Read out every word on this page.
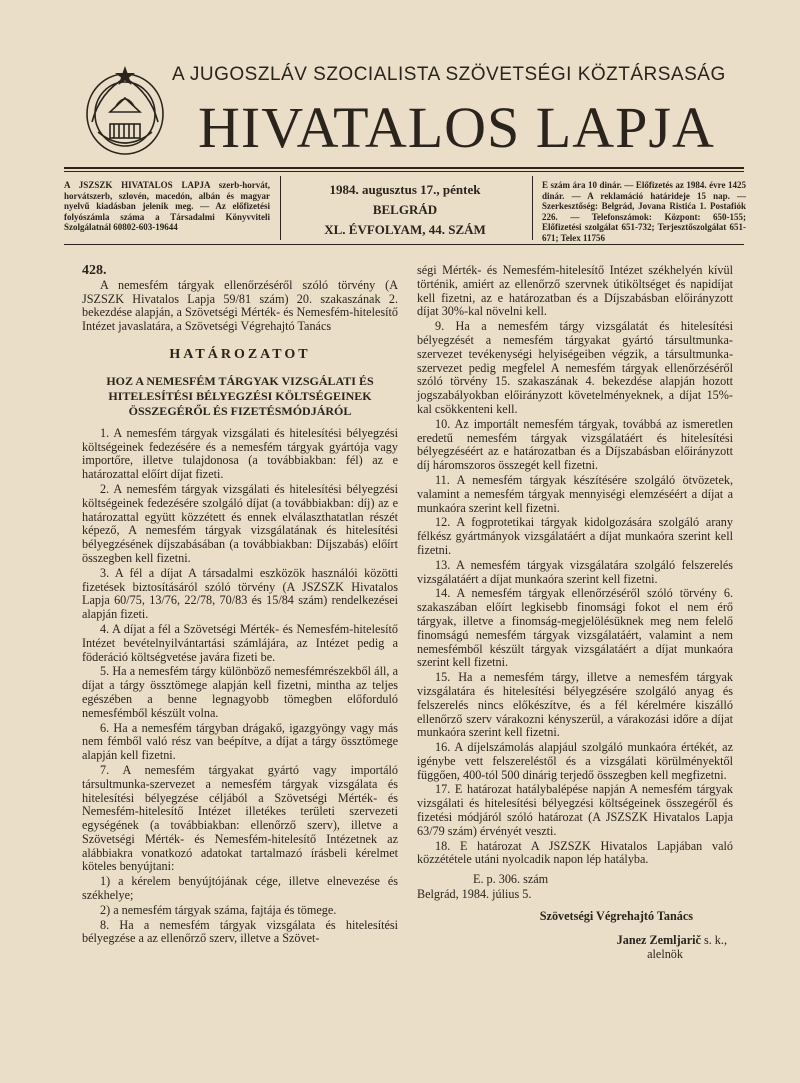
A JUGOSZLÁV SZOCIALISTA SZÖVETSÉGI KÖZTÁRSASÁG
HIVATALOS LAPJA
A JSZSZK HIVATALOS LAPJA szerb-horvát, horvátszerb, szlovén, macedón, albán és magyar nyelvű kiadásban jelenik meg. — Az előfizetési folyószámla száma a Társadalmi Könyvviteli Szolgálatnál 60802-603-19644
1984. augusztus 17., péntek
BELGRÁD
XL. ÉVFOLYAM, 44. SZÁM
E szám ára 10 dinár. — Előfizetés az 1984. évre 1425 dinár. — A reklamáció határideje 15 nap. — Szerkesztőség: Belgrád, Jovana Ristića 1. Postafiók 226. — Telefonszámok: Központ: 650-155; Előfizetési szolgálat 651-732; Terjesztőszolgálat 651-671; Telex 11756

428.

A nemesfém tárgyak ellenőrzéséről szóló törvény (A JSZSZK Hivatalos Lapja 59/81 szám) 20. szakaszának 2. bekezdése alapján, a Szövetségi Mérték- és Nemesfém-hitelesítő Intézet javaslatára, a Szövetségi Végrehajtó Tanács

HATÁROZATOT

HOZ A NEMESFÉM TÁRGYAK VIZSGÁLATI ÉS HITELESÍTÉSI BÉLYEGZÉSI KÖLTSÉGEINEK ÖSSZEGÉRŐL ÉS FIZETÉSMÓDJÁRÓL

1. A nemesfém tárgyak vizsgálati és hitelesítési bélyegzési költségeinek fedezésére és a nemesfém tárgyak gyártója vagy importőre, illetve tulajdonosa (a továbbiakban: fél) az e határozattal előírt díjat fizeti.

2. A nemesfém tárgyak vizsgálati és hitelesítési bélyegzési költségeinek fedezésére szolgáló díjat (a továbbiakban: díj) az e határozattal együtt közzétett és ennek elválaszthatatlan részét képező, A nemesfém tárgyak vizsgálatának és hitelesítési bélyegzésének díjszabásában (a továbbiakban: Díjszabás) előírt összegben kell fizetni.

3. A fél a díjat A társadalmi eszközök használói közötti fizetések biztosításáról szóló törvény (A JSZSZK Hivatalos Lapja 60/75, 13/76, 22/78, 70/83 és 15/84 szám) rendelkezései alapján fizeti.

4. A díjat a fél a Szövetségi Mérték- és Nemesfém-hitelesítő Intézet bevételnyilvántartási számlájára, az Intézet pedig a föderáció költségvetése javára fizeti be.

5. Ha a nemesfém tárgy különböző nemesfémrészekből áll, a díjat a tárgy össztömege alapján kell fizetni, mintha az teljes egészében a benne legnagyobb tömegben előforduló nemesfémből készült volna.

6. Ha a nemesfém tárgyban drágakő, igazgyöngy vagy más nem fémből való rész van beépítve, a díjat a tárgy össztömege alapján kell fizetni.

7. A nemesfém tárgyakat gyártó vagy importáló társultmunka-szervezet a nemesfém tárgyak vizsgálata és hitelesítési bélyegzése céljából a Szövetségi Mérték- és Nemesfém-hitelesítő Intézet illetékes területi szervezeti egységének (a továbbiakban: ellenőrző szerv), illetve a Szövetségi Mérték- és Nemesfém-hitelesítő Intézetnek az alábbiakra vonatkozó adatokat tartalmazó írásbeli kérelmet köteles benyújtani:

1) a kérelem benyújtójának cége, illetve elnevezése és székhelye;

2) a nemesfém tárgyak száma, fajtája és tömege.

8. Ha a nemesfém tárgyak vizsgálata és hitelesítési bélyegzése a az ellenőrző szerv, illetve a Szövet-

ségi Mérték- és Nemesfém-hitelesítő Intézet székhelyén kívül történik, amiért az ellenőrző szervnek útiköltséget és napidíjat kell fizetni, az e határozatban és a Díjszabásban előirányzott díjat 30%-kal növelni kell.

9. Ha a nemesfém tárgy vizsgálatát és hitelesítési bélyegzését a nemesfém tárgyakat gyártó társultmunka-szervezet tevékenységi helyiségeiben végzik, a társultmunka-szervezet pedig megfelel A nemesfém tárgyak ellenőrzéséről szóló törvény 15. szakaszának 4. bekezdése alapján hozott jogszabályokban előirányzott követelményeknek, a díjat 15%-kal csökkenteni kell.

10. Az importált nemesfém tárgyak, továbbá az ismeretlen eredetű nemesfém tárgyak vizsgálatáért és hitelesítési bélyegzéséért az e határozatban és a Díjszabásban előirányzott díj háromszoros összegét kell fizetni.

11. A nemesfém tárgyak készítésére szolgáló ötvözetek, valamint a nemesfém tárgyak mennyiségi elemzéséért a díjat a munkaóra szerint kell fizetni.

12. A fogprotetikai tárgyak kidolgozására szolgáló arany félkész gyártmányok vizsgálatáért a díjat munkaóra szerint kell fizetni.

13. A nemesfém tárgyak vizsgálatára szolgáló felszerelés vizsgálatáért a díjat munkaóra szerint kell fizetni.

14. A nemesfém tárgyak ellenőrzéséről szóló törvény 6. szakaszában előírt legkisebb finomsági fokot el nem érő tárgyak, illetve a finomság-megjelölésüknek meg nem felelő finomságú nemesfém tárgyak vizsgálatáért, valamint a nem nemesfémből készült tárgyak vizsgálatáért a díjat munkaóra szerint kell fizetni.

15. Ha a nemesfém tárgy, illetve a nemesfém tárgyak vizsgálatára és hitelesítési bélyegzésére szolgáló anyag és felszerelés nincs előkészítve, és a fél kérelmére kiszálló ellenőrző szerv várakozni kényszerül, a várakozási időre a díjat munkaóra szerint kell fizetni.

16. A díjelszámolás alapjául szolgáló munkaóra értékét, az igénybe vett felszereléstől és a vizsgálati körülményektől függően, 400-tól 500 dinárig terjedő összegben kell megfizetni.

17. E határozat hatálybalépése napján A nemesfém tárgyak vizsgálati és hitelesítési bélyegzési költségeinek összegéről és fizetési módjáról szóló határozat (A JSZSZK Hivatalos Lapja 63/79 szám) érvényét veszti.

18. E határozat A JSZSZK Hivatalos Lapjában való közzététele utáni nyolcadik napon lép hatályba.

E. p. 306. szám

Belgrád, 1984. július 5.

Szövetségi Végrehajtó Tanács

Janez Zemljarič s. k.,

alelnök
